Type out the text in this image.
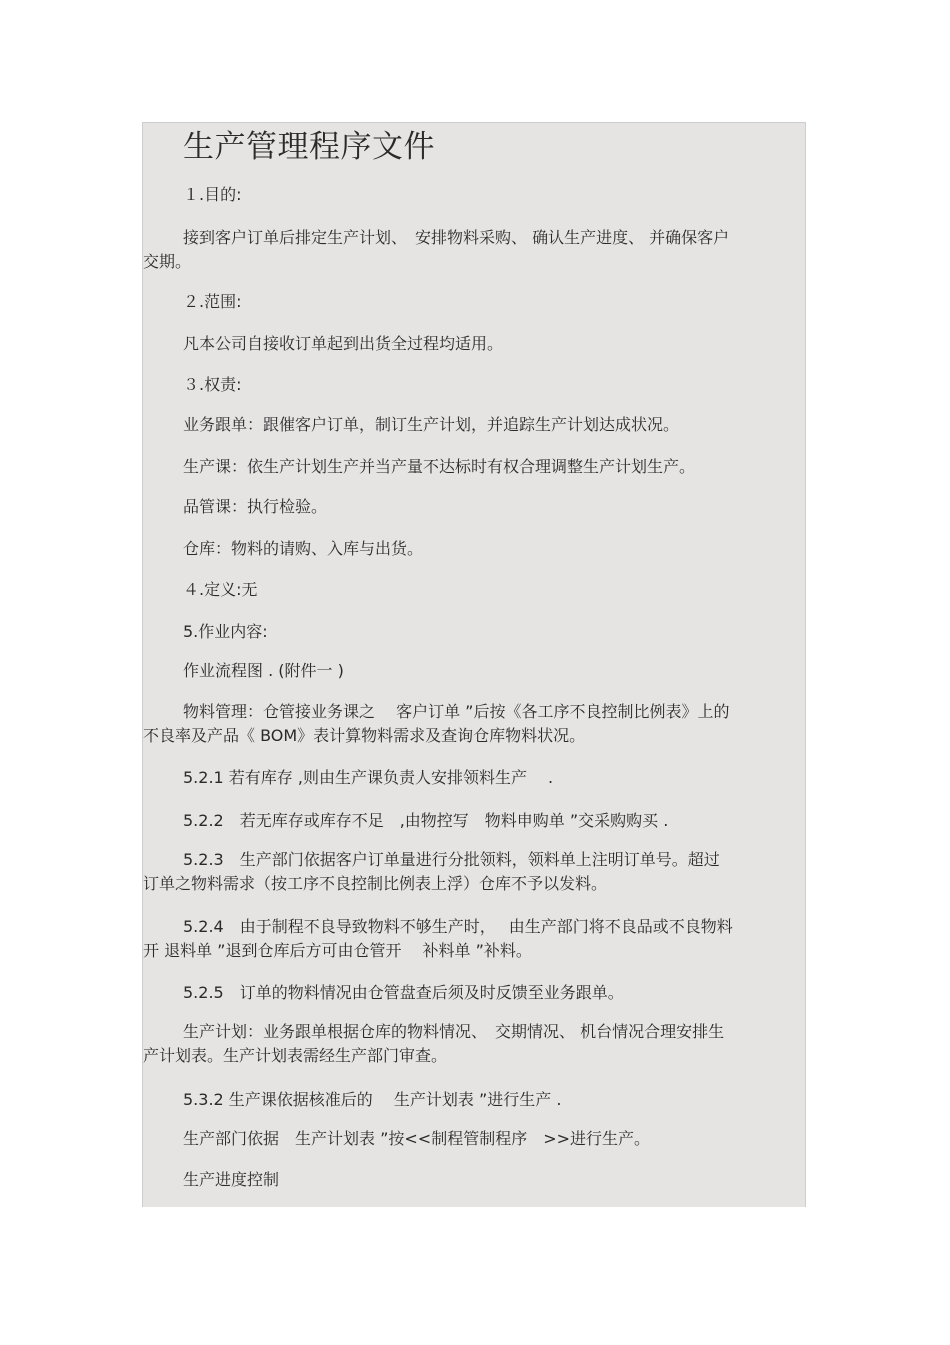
生产管理程序文件
１.目的:
接到客户订单后排定生产计划、　安排物料采购、 确认生产进度、 并确保客户
交期。
２.范围:
凡本公司自接收订单起到出货全过程均适用。
３.权责:
业务跟单：跟催客户订单，制订生产计划，并追踪生产计划达成状况。
生产课：依生产计划生产并当产量不达标时有权合理调整生产计划生产。
品管课：执行检验。
仓库：物料的请购、入库与出货。
４.定义:无
5.作业内容:
作业流程图 . (附件一 )
物料管理：仓管接业务课之　 客户订单 ”后按《各工序不良控制比例表》上的
不良率及产品《 BOM》表计算物料需求及查询仓库物料状况。
5.2.1 若有库存 ,则由生产课负责人安排领料生产　 .
5.2.2　若无库存或库存不足　,由物控写　物料申购单 ”交采购购买 .
5.2.3　生产部门依据客户订单量进行分批领料，领料单上注明订单号。超过
订单之物料需求（按工序不良控制比例表上浮）仓库不予以发料。
5.2.4　由于制程不良导致物料不够生产时，　 由生产部门将不良品或不良物料
开 退料单 ”退到仓库后方可由仓管开　 补料单 ”补料。
5.2.5　订单的物料情况由仓管盘查后须及时反馈至业务跟单。
生产计划：业务跟单根据仓库的物料情况、　交期情况、 机台情况合理安排生
产计划表。生产计划表需经生产部门审查。
5.3.2 生产课依据核准后的　 生产计划表 ”进行生产 .
生产部门依据　生产计划表 ”按<<制程管制程序　>>进行生产。
生产进度控制
